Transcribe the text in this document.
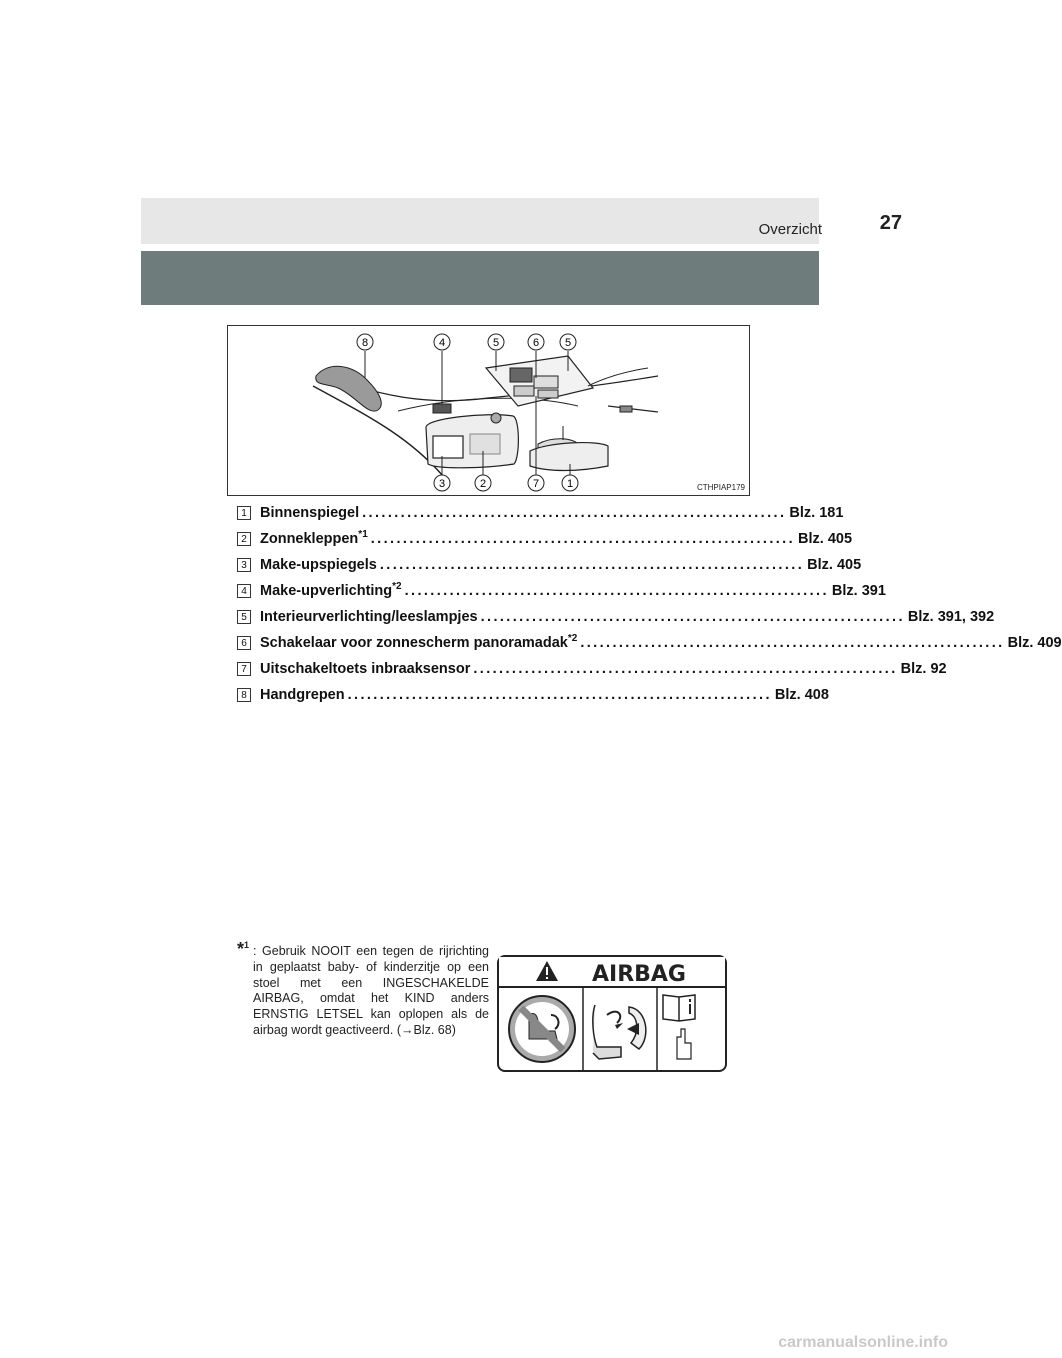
Overzicht	27
8	4	5	6 5
3	2	7	1	CTHPIAP179
1 Binnenspiegel .................................................................. Blz. 181
2 Zonnekleppen$^{*1}$ .................................................................. Blz. 405
3 Make-upspiegels .................................................................. Blz. 405
4 Make-upverlichting$^{*2}$ .................................................................. Blz. 391
5 Interieurverlichting/leeslampjes .................................................................. Blz. 391, 392
6 Schakelaar voor zonnescherm panoramadak$^{*2}$ .................................................................. Blz. 409
7 Uitschakeltoets inbraaksensor .................................................................. Blz. 92
8 Handgrepen .................................................................. Blz. 408
*$^1$ : Gebruik NOOIT een tegen de rijrichting in geplaatst baby- of kinderzitje op een stoel met een INGESCHAKELDE AIRBAG, omdat het KIND anders ERNSTIG LETSEL kan oplopen als de airbag wordt geactiveerd. (→Blz. 68)
AIRBAG
carmanualsonline.info
